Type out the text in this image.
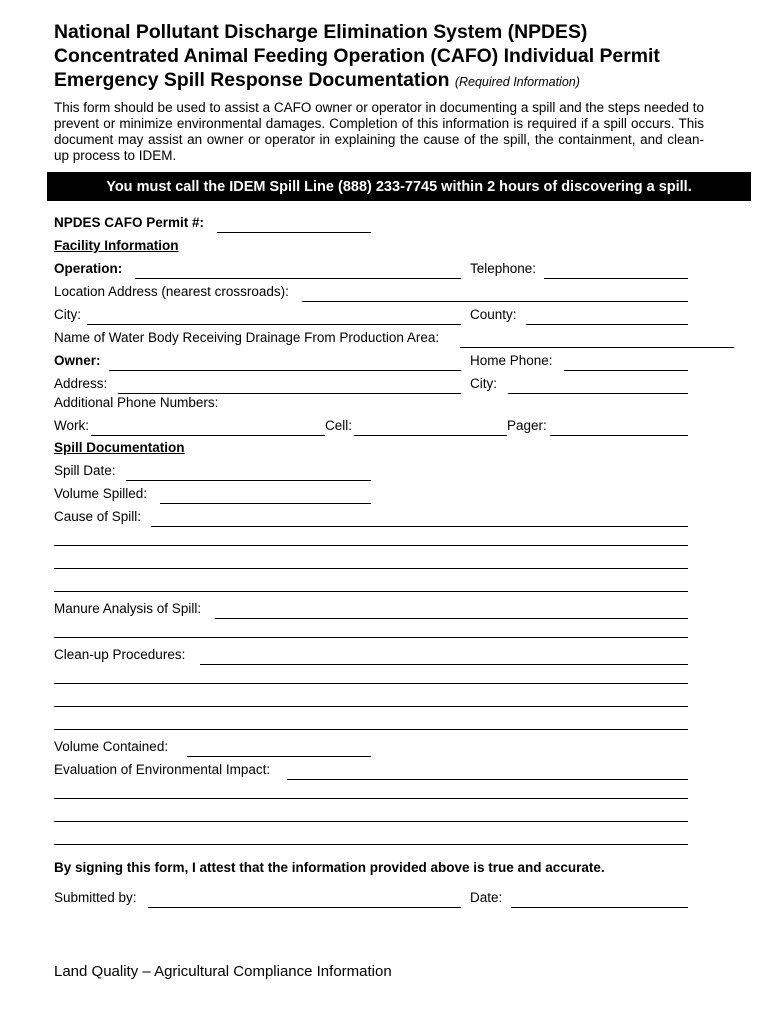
National Pollutant Discharge Elimination System (NPDES)
Concentrated Animal Feeding Operation (CAFO) Individual Permit
Emergency Spill Response Documentation (Required Information)
This form should be used to assist a CAFO owner or operator in documenting a spill and the steps needed to prevent or minimize environmental damages. Completion of this information is required if a spill occurs. This document may assist an owner or operator in explaining the cause of the spill, the containment, and clean-up process to IDEM.
You must call the IDEM Spill Line (888) 233-7745 within 2 hours of discovering a spill.
NPDES CAFO Permit #:
Facility Information
Operation:	Telephone:
Location Address (nearest crossroads):
City:	County:
Name of Water Body Receiving Drainage From Production Area:
Owner:	Home Phone:
Address:	City:
Additional Phone Numbers:
Work:	Cell:	Pager:
Spill Documentation
Spill Date:
Volume Spilled:
Cause of Spill:
Manure Analysis of Spill:
Clean-up Procedures:
Volume Contained:
Evaluation of Environmental Impact:
By signing this form, I attest that the information provided above is true and accurate.
Submitted by:	Date:
Land Quality – Agricultural Compliance Information
